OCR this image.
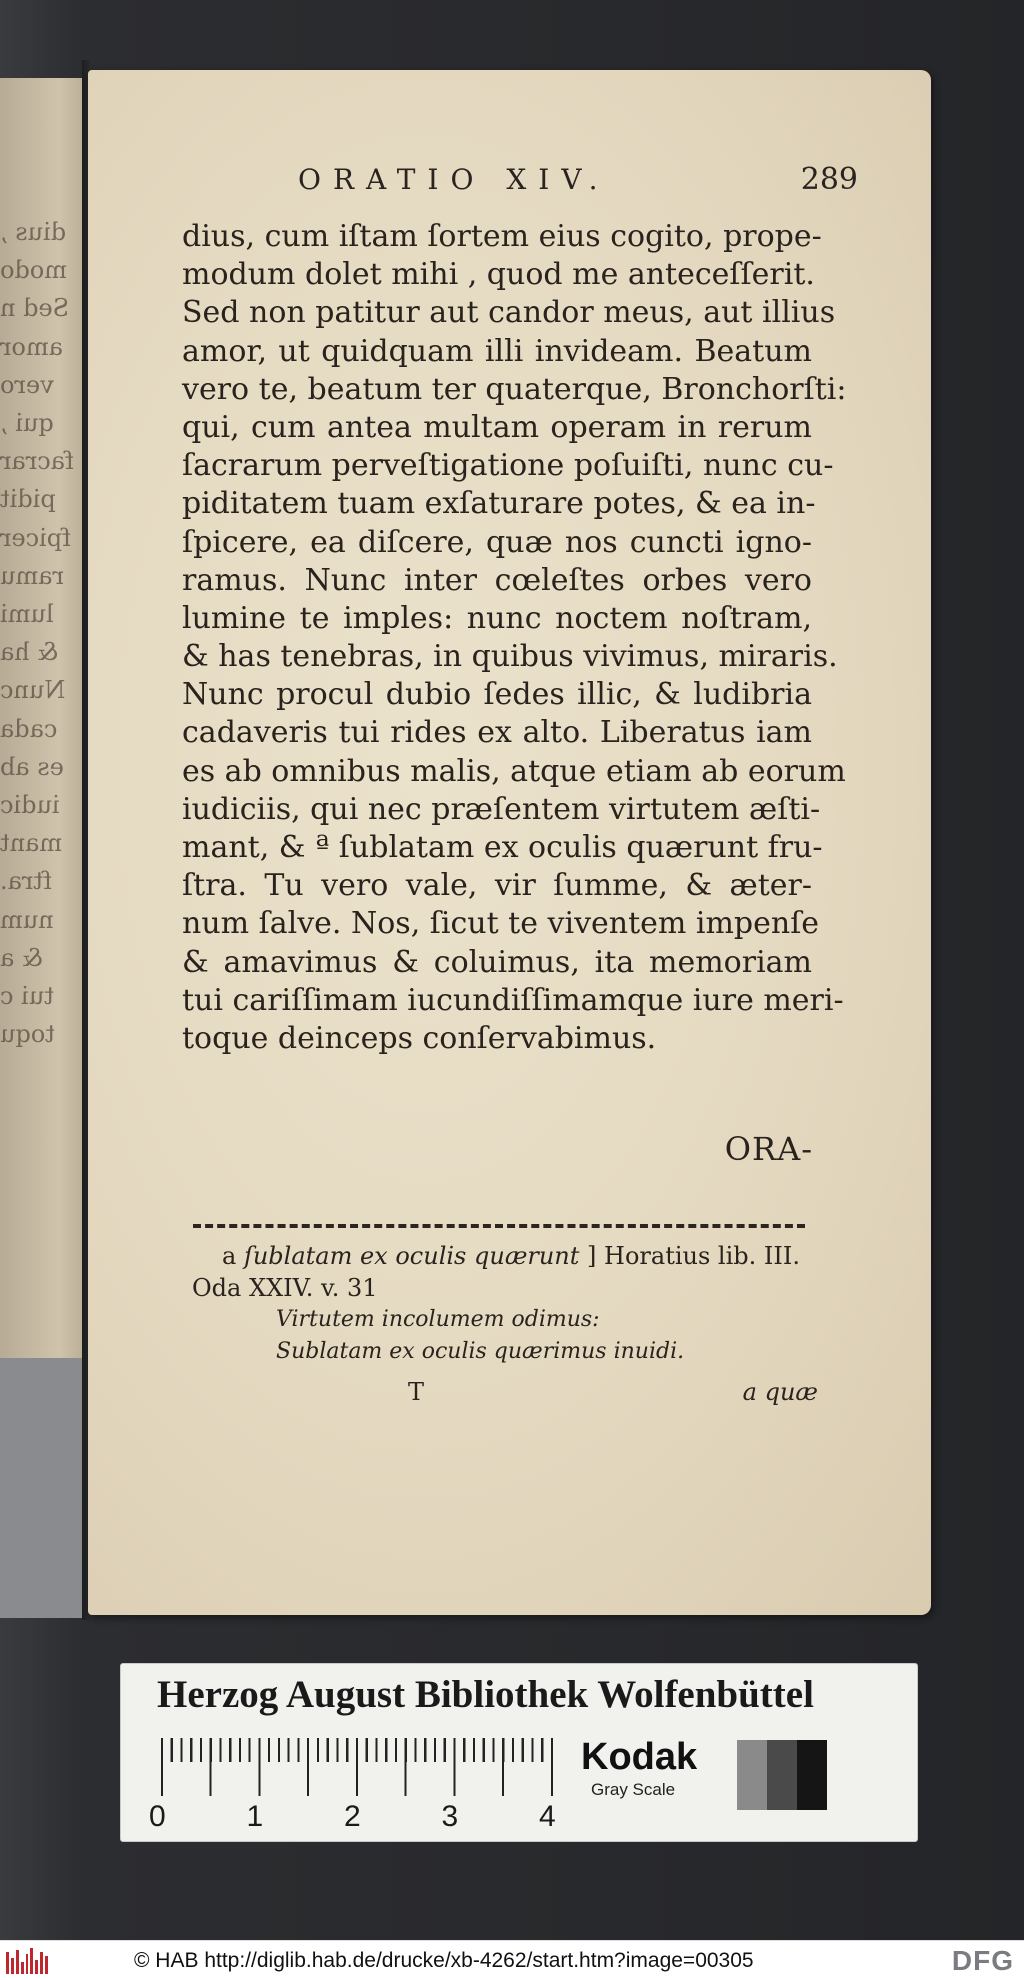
dius ,
modo
Sed n
amor
vero
qui ,
facrar
pidit
fpicer
ramu
lumi
& ha
Nunc
cada
es ab
iudic
mant
ftra.
num
& a
tui c
toqu
ORATIO XIV.	289
dius, cum iſtam ſortem eius cogito, prope-
modum dolet mihi , quod me anteceſſerit.
Sed non patitur aut candor meus, aut illius
amor, ut quidquam illi invideam. Beatum
vero te, beatum ter quaterque, Bronchorſti:
qui, cum antea multam operam in rerum
ſacrarum perveſtigatione poſuiſti, nunc cu-
piditatem tuam exſaturare potes, & ea in-
ſpicere, ea diſcere, quæ nos cuncti igno-
ramus. Nunc inter cœleſtes orbes vero
lumine te imples: nunc noctem noſtram,
& has tenebras, in quibus vivimus, miraris.
Nunc procul dubio ſedes illic, & ludibria
cadaveris tui rides ex alto. Liberatus iam
es ab omnibus malis, atque etiam ab eorum
iudiciis, qui nec præſentem virtutem æſti-
mant, & ª ſublatam ex oculis quærunt fru-
ſtra. Tu vero vale, vir ſumme, & æter-
num ſalve. Nos, ſicut te viventem impenſe
& amavimus & coluimus, ita memoriam
tui cariſſimam iucundiſſimamque iure meri-
toque deinceps conſervabimus.
ORA-
a ſublatam ex oculis quærunt ] Horatius lib. III.
Oda XXIV. v. 31
Virtutem incolumem odimus:
Sublatam ex oculis quærimus inuidi.
T	a quæ
Herzog August Bibliothek Wolfenbüttel
0	1	2	3	4
Kodak
Gray Scale
© HAB http://diglib.hab.de/drucke/xb-4262/start.htm?image=00305	DFG
